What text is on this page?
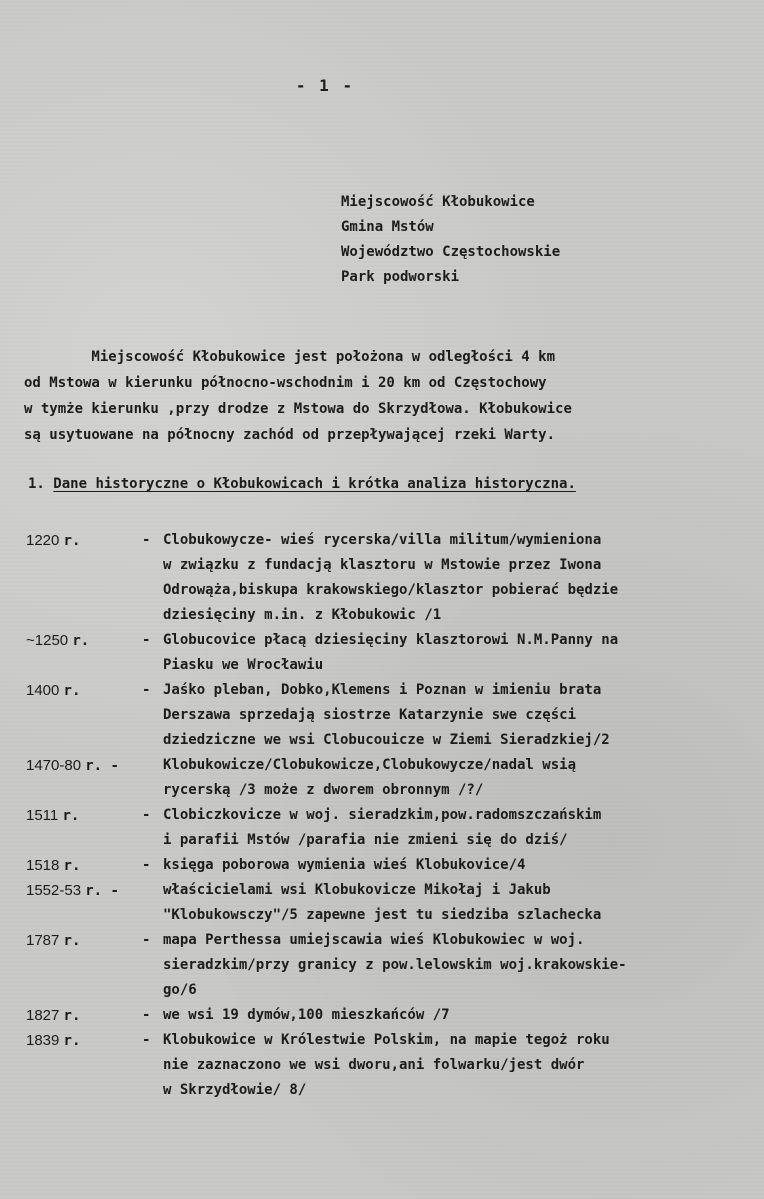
- 1 -
Miejscowość Kłobukowice
Gmina Mstów
Województwo Częstochowskie
Park podworski
Miejscowość Kłobukowice jest położona w odległości 4 km
od Mstowa w kierunku północno-wschodnim i 20 km od Częstochowy
w tymże kierunku ,przy drodze z Mstowa do Skrzydłowa. Kłobukowice
są usytuowane na północny zachód od przepływającej rzeki Warty.
1. Dane historyczne o Kłobukowicach i krótka analiza historyczna.
1220 r.	- Clobukowycze- wieś rycerska/villa militum/wymieniona
w związku z fundacją klasztoru w Mstowie przez Iwona
Odrowąża,biskupa krakowskiego/klasztor pobierać będzie
dziesięciny m.in. z Kłobukowic /1
~1250 r.	- Globucovice płacą dziesięciny klasztorowi N.M.Panny na
Piasku we Wrocławiu
1400 r.	- Jaśko pleban, Dobko,Klemens i Poznan w imieniu brata
Derszawa sprzedają siostrze Katarzynie swe części
dziedziczne we wsi Clobucouicze w Ziemi Sieradzkiej/2
1470-80 r. -	Klobukowicze/Clobukowicze,Clobukowycze/nadal wsią
rycerską /3 może z dworem obronnym /?/
1511 r.	- Clobiczkovicze w woj. sieradzkim,pow.radomszczańskim
i parafii Mstów /parafia nie zmieni się do dziś/
1518 r.	- księga poborowa wymienia wieś Klobukovice/4
1552-53 r. -	właścicielami wsi Klobukovicze Mikołaj i Jakub
"Klobukowsczy"/5 zapewne jest tu siedziba szlachecka
1787 r.	- mapa Perthessa umiejscawia wieś Klobukowiec w woj.
sieradzkim/przy granicy z pow.lelowskim woj.krakowskie-
go/6
1827 r.	- we wsi 19 dymów,100 mieszkańców /7
1839 r.	- Klobukowice w Królestwie Polskim, na mapie tegoż roku
nie zaznaczono we wsi dworu,ani folwarku/jest dwór
w Skrzydłowie/ 8/
